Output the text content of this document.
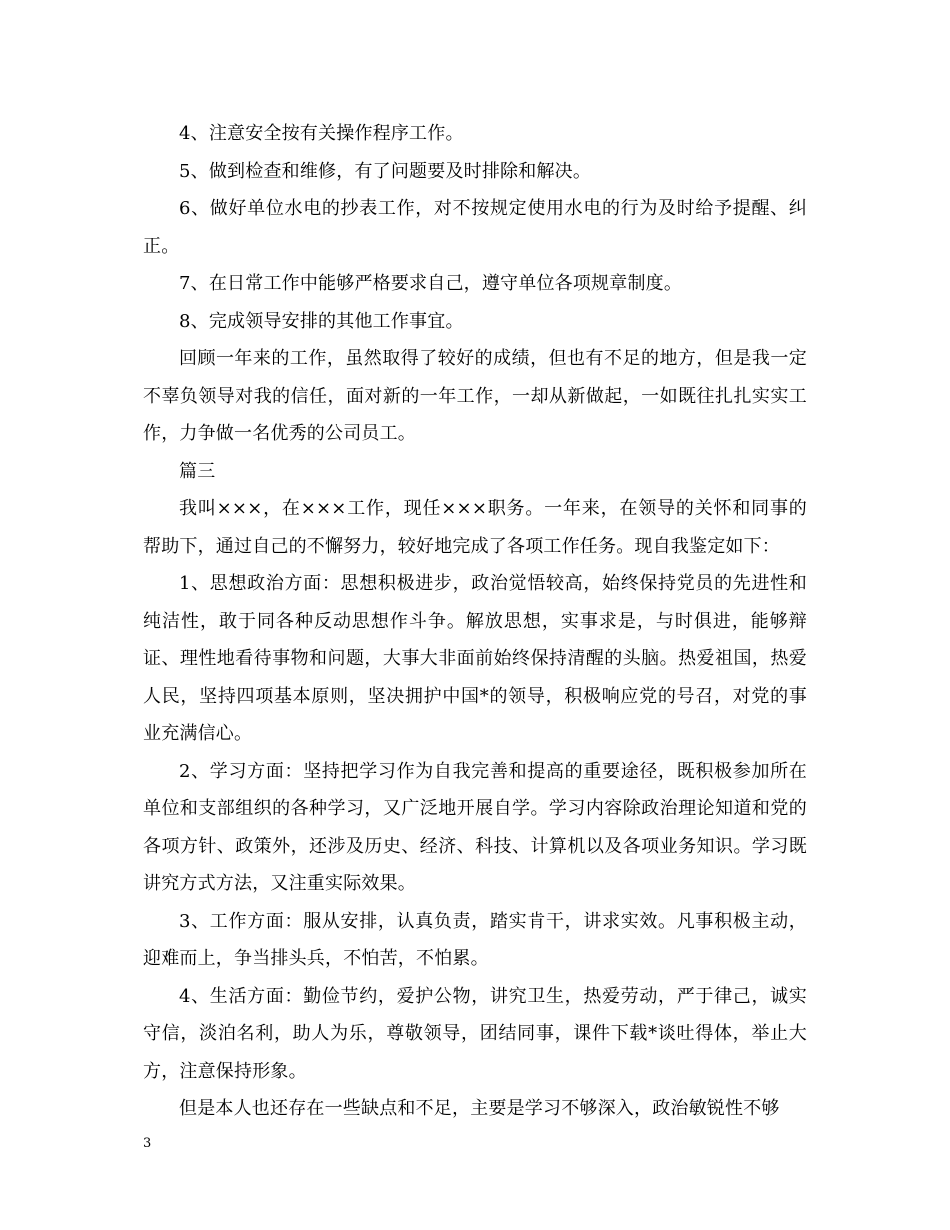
4、注意安全按有关操作程序工作。

5、做到检查和维修，有了问题要及时排除和解决。

6、做好单位水电的抄表工作，对不按规定使用水电的行为及时给予提醒、纠正。

7、在日常工作中能够严格要求自己，遵守单位各项规章制度。

8、完成领导安排的其他工作事宜。

回顾一年来的工作，虽然取得了较好的成绩，但也有不足的地方，但是我一定不辜负领导对我的信任，面对新的一年工作，一却从新做起，一如既往扎扎实实工作，力争做一名优秀的公司员工。

篇三

我叫×××，在×××工作，现任×××职务。一年来，在领导的关怀和同事的帮助下，通过自己的不懈努力，较好地完成了各项工作任务。现自我鉴定如下：

1、思想政治方面：思想积极进步，政治觉悟较高，始终保持党员的先进性和纯洁性，敢于同各种反动思想作斗争。解放思想，实事求是，与时俱进，能够辩证、理性地看待事物和问题，大事大非面前始终保持清醒的头脑。热爱祖国，热爱人民，坚持四项基本原则，坚决拥护中国*的领导，积极响应党的号召，对党的事业充满信心。

2、学习方面：坚持把学习作为自我完善和提高的重要途径，既积极参加所在单位和支部组织的各种学习，又广泛地开展自学。学习内容除政治理论知道和党的各项方针、政策外，还涉及历史、经济、科技、计算机以及各项业务知识。学习既讲究方式方法，又注重实际效果。

3、工作方面：服从安排，认真负责，踏实肯干，讲求实效。凡事积极主动，迎难而上，争当排头兵，不怕苦，不怕累。

4、生活方面：勤俭节约，爱护公物，讲究卫生，热爱劳动，严于律己，诚实守信，淡泊名利，助人为乐，尊敬领导，团结同事，课件下载*谈吐得体，举止大方，注意保持形象。

但是本人也还存在一些缺点和不足，主要是学习不够深入，政治敏锐性不够

3
